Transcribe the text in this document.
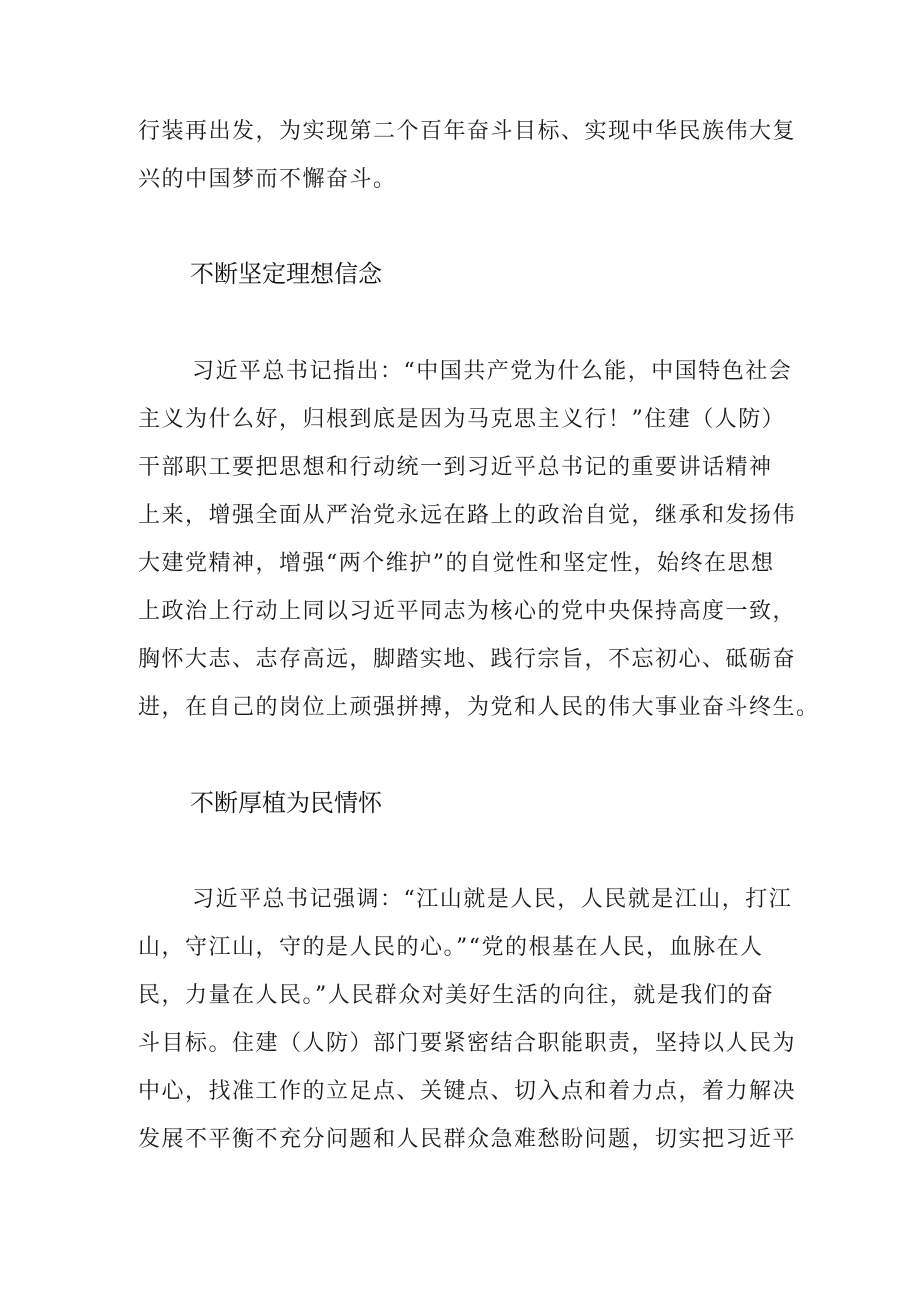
行装再出发，为实现第二个百年奋斗目标、实现中华民族伟大复

兴的中国梦而不懈奋斗。

不断坚定理想信念

习近平总书记指出：“中国共产党为什么能，中国特色社会

主义为什么好，归根到底是因为马克思主义行！”住建（人防）

干部职工要把思想和行动统一到习近平总书记的重要讲话精神

上来，增强全面从严治党永远在路上的政治自觉，继承和发扬伟

大建党精神，增强“两个维护”的自觉性和坚定性，始终在思想

上政治上行动上同以习近平同志为核心的党中央保持高度一致，

胸怀大志、志存高远，脚踏实地、践行宗旨，不忘初心、砥砺奋

进，在自己的岗位上顽强拼搏，为党和人民的伟大事业奋斗终生。

不断厚植为民情怀

习近平总书记强调：“江山就是人民，人民就是江山，打江

山，守江山，守的是人民的心。”“党的根基在人民，血脉在人

民，力量在人民。”人民群众对美好生活的向往，就是我们的奋

斗目标。住建（人防）部门要紧密结合职能职责，坚持以人民为

中心，找准工作的立足点、关键点、切入点和着力点，着力解决

发展不平衡不充分问题和人民群众急难愁盼问题，切实把习近平
